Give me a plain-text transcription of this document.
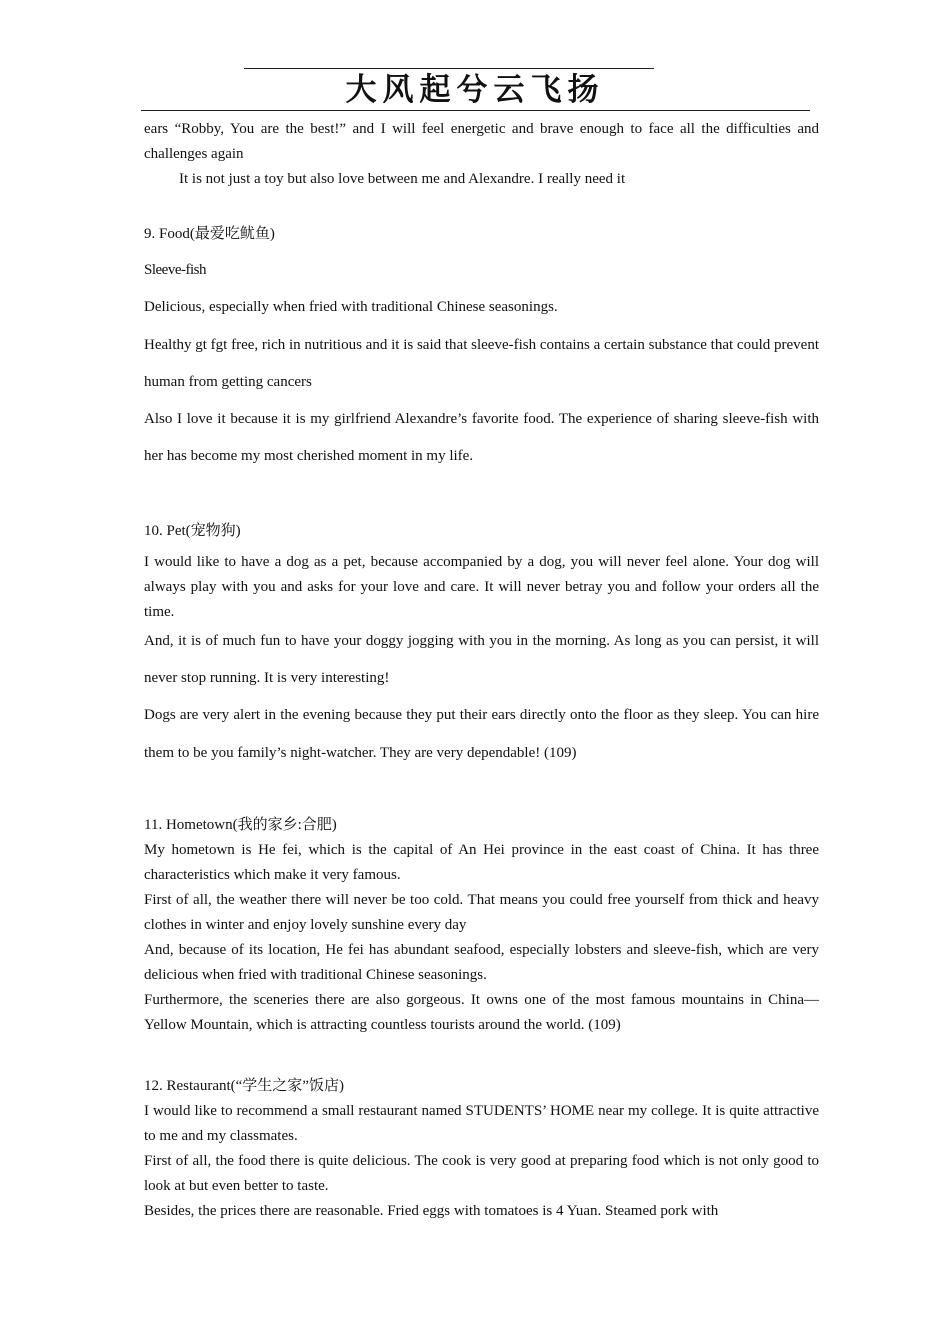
大风起兮云飞扬

ears “Robby, You are the best!” and I will feel energetic and brave enough to face all the difficulties and challenges again

It is not just a toy but also love between me and Alexandre. I really need it

9. Food(最爱吃鱿鱼)

Sleeve-fish

Delicious, especially when fried with traditional Chinese seasonings.

Healthy gt fgt free, rich in nutritious and it is said that sleeve-fish contains a certain substance that could prevent human from getting cancers

Also I love it because it is my girlfriend Alexandre’s favorite food. The experience of sharing sleeve-fish with her has become my most cherished moment in my life.

10. Pet(宠物狗)

I would like to have a dog as a pet, because accompanied by a dog, you will never feel alone. Your dog will always play with you and asks for your love and care. It will never betray you and follow your orders all the time.

And, it is of much fun to have your doggy jogging with you in the morning. As long as you can persist, it will never stop running. It is very interesting!

Dogs are very alert in the evening because they put their ears directly onto the floor as they sleep. You can hire them to be you family’s night-watcher. They are very dependable! (109)

11. Hometown(我的家乡:合肥)

My hometown is He fei, which is the capital of An Hei province in the east coast of China. It has three characteristics which make it very famous.

First of all, the weather there will never be too cold. That means you could free yourself from thick and heavy clothes in winter and enjoy lovely sunshine every day

And, because of its location, He fei has abundant seafood, especially lobsters and sleeve-fish, which are very delicious when fried with traditional Chinese seasonings.

Furthermore, the sceneries there are also gorgeous. It owns one of the most famous mountains in China—Yellow Mountain, which is attracting countless tourists around the world. (109)

12. Restaurant(“学生之家”饭店)

I would like to recommend a small restaurant named STUDENTS’ HOME near my college. It is quite attractive to me and my classmates.

First of all, the food there is quite delicious. The cook is very good at preparing food which is not only good to look at but even better to taste.

Besides, the prices there are reasonable. Fried eggs with tomatoes is 4 Yuan. Steamed pork with
